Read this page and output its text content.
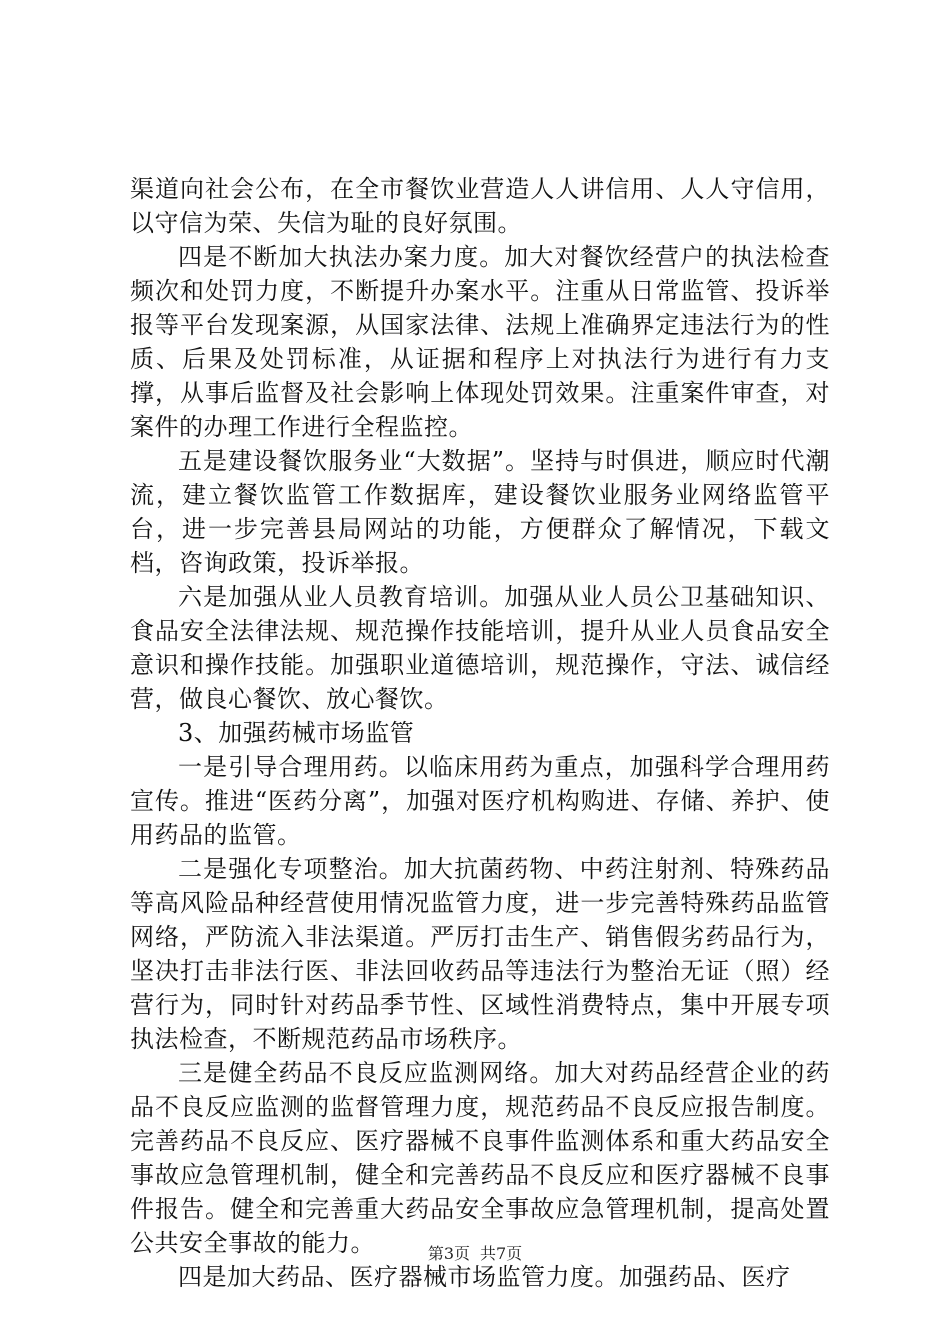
渠道向社会公布，在全市餐饮业营造人人讲信用、人人守信用，以守信为荣、失信为耻的良好氛围。

四是不断加大执法办案力度。加大对餐饮经营户的执法检查频次和处罚力度，不断提升办案水平。注重从日常监管、投诉举报等平台发现案源，从国家法律、法规上准确界定违法行为的性质、后果及处罚标准，从证据和程序上对执法行为进行有力支撑，从事后监督及社会影响上体现处罚效果。注重案件审查，对案件的办理工作进行全程监控。

五是建设餐饮服务业“大数据”。坚持与时俱进，顺应时代潮流，建立餐饮监管工作数据库，建设餐饮业服务业网络监管平台，进一步完善县局网站的功能，方便群众了解情况，下载文档，咨询政策，投诉举报。

六是加强从业人员教育培训。加强从业人员公卫基础知识、食品安全法律法规、规范操作技能培训，提升从业人员食品安全意识和操作技能。加强职业道德培训，规范操作，守法、诚信经营，做良心餐饮、放心餐饮。

3、加强药械市场监管

一是引导合理用药。以临床用药为重点，加强科学合理用药宣传。推进“医药分离”，加强对医疗机构购进、存储、养护、使用药品的监管。

二是强化专项整治。加大抗菌药物、中药注射剂、特殊药品等高风险品种经营使用情况监管力度，进一步完善特殊药品监管网络，严防流入非法渠道。严厉打击生产、销售假劣药品行为，坚决打击非法行医、非法回收药品等违法行为整治无证（照）经营行为，同时针对药品季节性、区域性消费特点，集中开展专项执法检查，不断规范药品市场秩序。

三是健全药品不良反应监测网络。加大对药品经营企业的药品不良反应监测的监督管理力度，规范药品不良反应报告制度。完善药品不良反应、医疗器械不良事件监测体系和重大药品安全事故应急管理机制，健全和完善药品不良反应和医疗器械不良事件报告。健全和完善重大药品安全事故应急管理机制，提高处置公共安全事故的能力。

四是加大药品、医疗器械市场监管力度。加强药品、医疗

第3页 共7页
